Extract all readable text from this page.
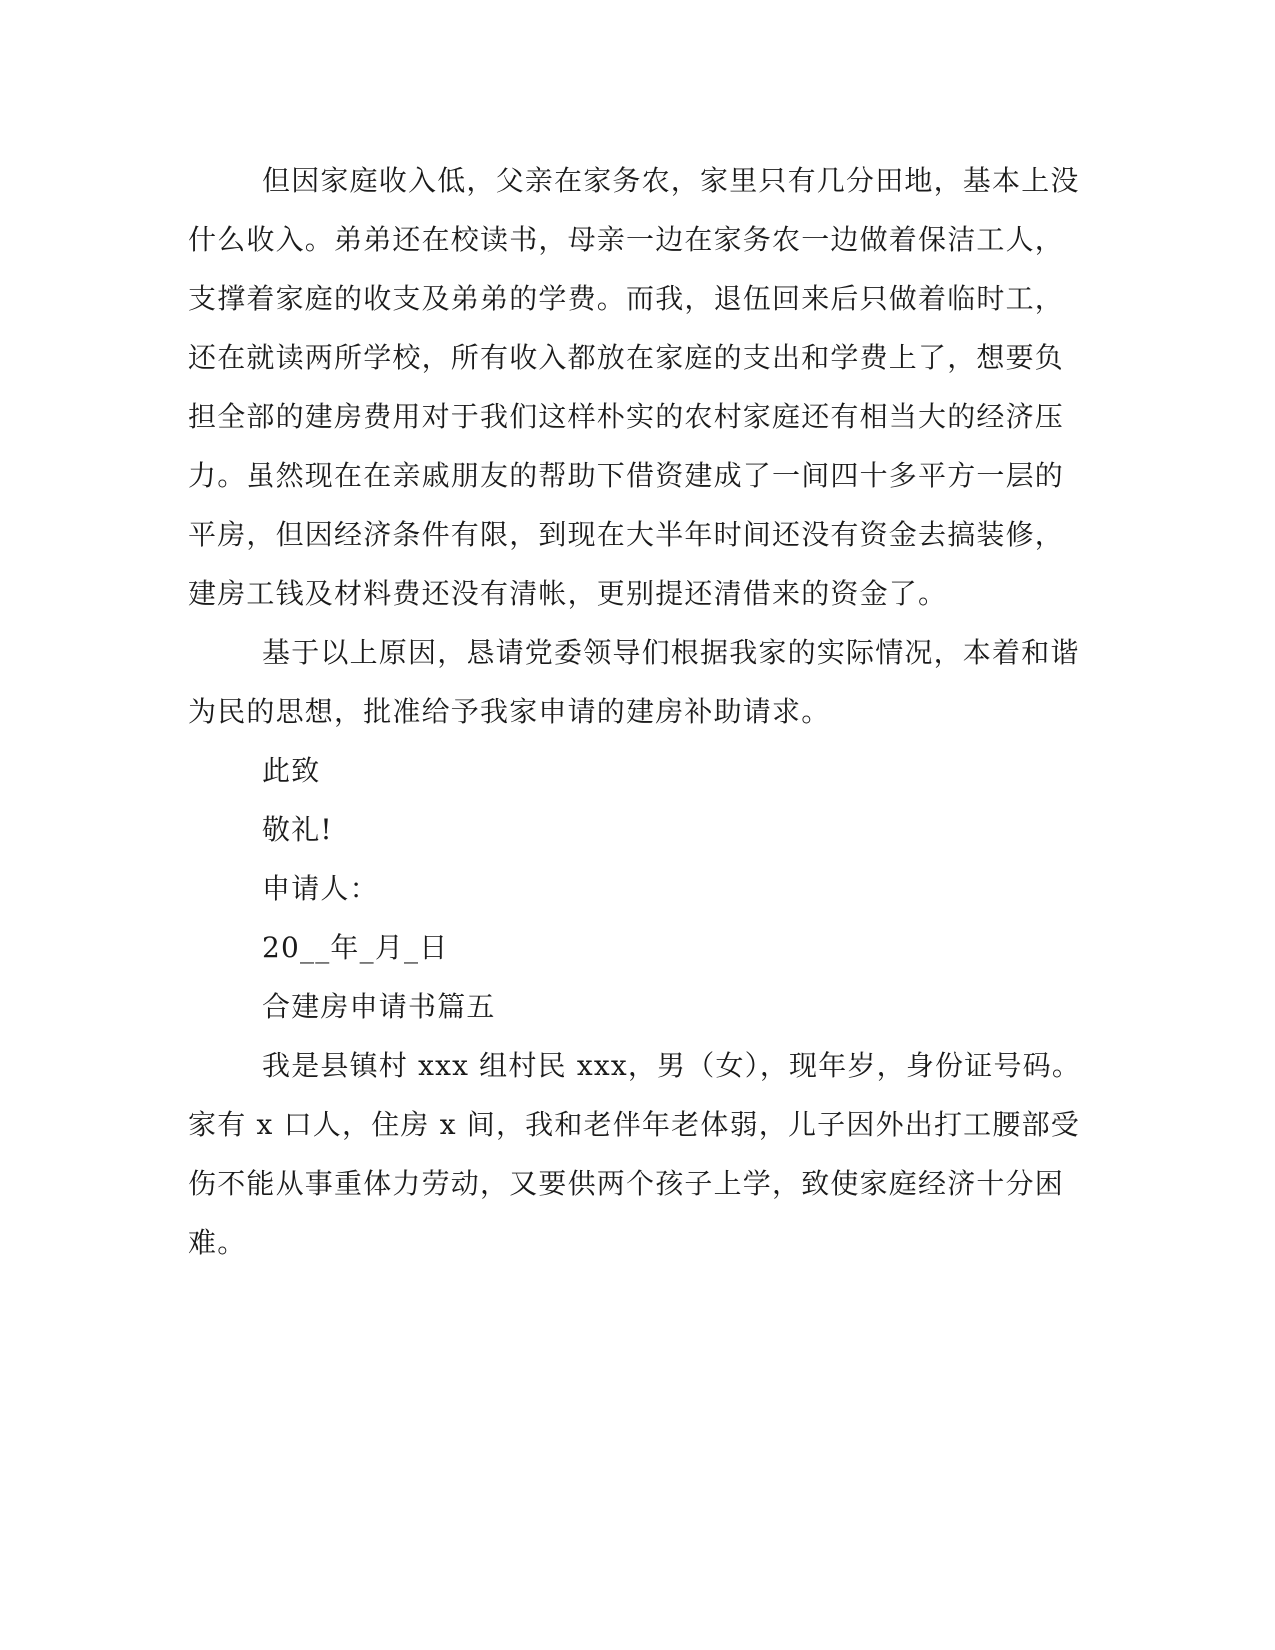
但因家庭收入低，父亲在家务农，家里只有几分田地，基本上没
什么收入。弟弟还在校读书，母亲一边在家务农一边做着保洁工人，
支撑着家庭的收支及弟弟的学费。而我，退伍回来后只做着临时工，
还在就读两所学校，所有收入都放在家庭的支出和学费上了，想要负
担全部的建房费用对于我们这样朴实的农村家庭还有相当大的经济压
力。虽然现在在亲戚朋友的帮助下借资建成了一间四十多平方一层的
平房，但因经济条件有限，到现在大半年时间还没有资金去搞装修，
建房工钱及材料费还没有清帐，更别提还清借来的资金了。
基于以上原因，恳请党委领导们根据我家的实际情况，本着和谐
为民的思想，批准给予我家申请的建房补助请求。
此致
敬礼!
申请人：
20__年_月_日
合建房申请书篇五
我是县镇村 xxx 组村民 xxx，男（女），现年岁，身份证号码。
家有 x 口人，住房 x 间，我和老伴年老体弱，儿子因外出打工腰部受
伤不能从事重体力劳动，又要供两个孩子上学，致使家庭经济十分困
难。
